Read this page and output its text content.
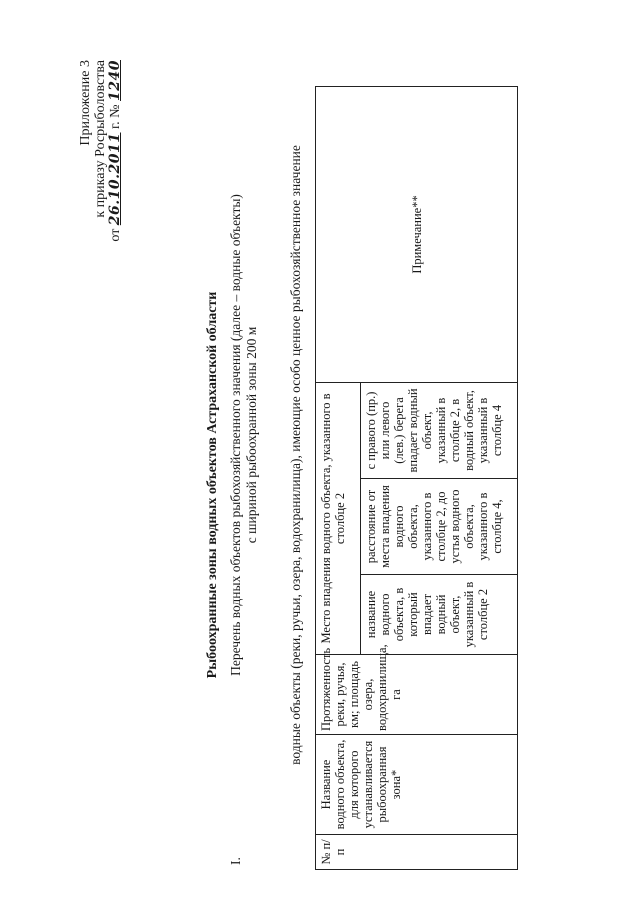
Приложение 3 к приказу Росрыболовства
от 26.10.2011 г. № 1240
Рыбоохранные зоны водных объектов Астраханской области
I.
Перечень водных объектов рыбохозяйственного значения (далее – водные объекты) с шириной рыбоохранной зоны 200 м водные объекты (реки, ручьи, озера, водохранилища), имеющие особо ценное рыбохозяйственное значение
№ п/п	Название водного объекта, для которого устанавливается рыбоохранная зона*	Протяженность реки, ручья, км; площадь озера, водохранилища, га	Место впадения водного объекта, указанного в столбце 2			Примечание**
			название водного объекта, в который впадает водный объект, указанный в столбце 2	расстояние от места впадения водного объекта, указанного в столбце 2, до устья водного объекта, указанного в столбце 4,	с правого (пр.) или левого (лев.) берега впадает водный объект, указанный в столбце 2, в водный объект, указанный в столбце 4	
